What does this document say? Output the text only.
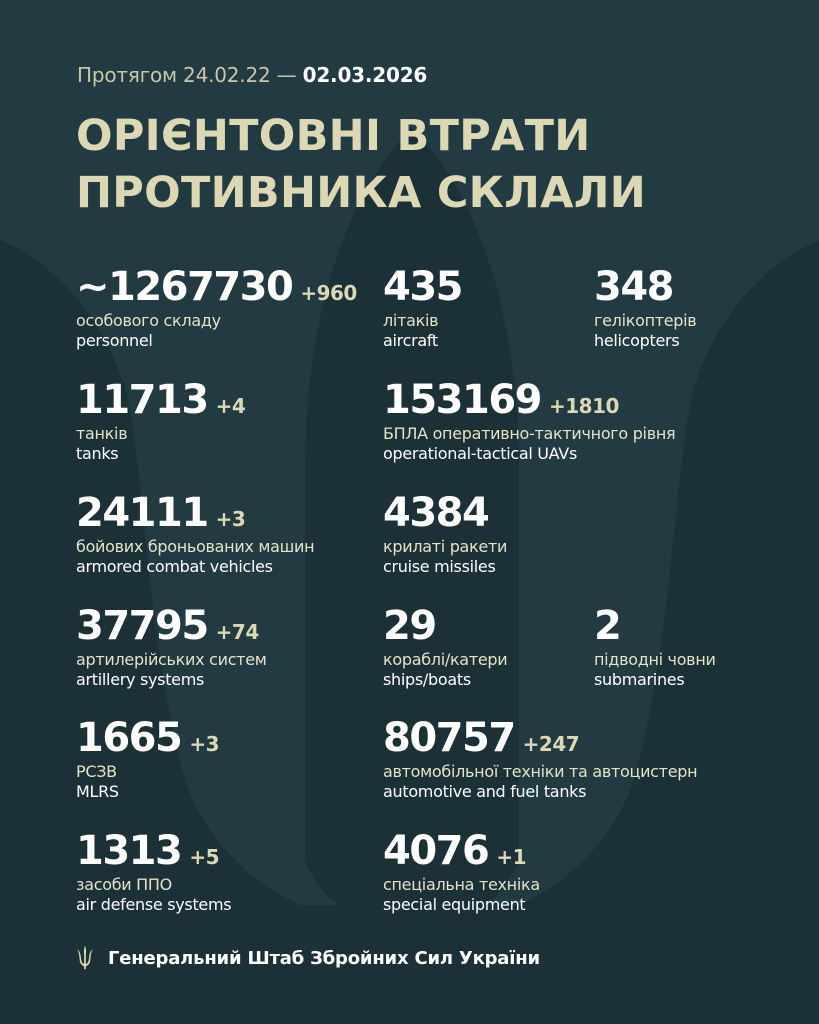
Протягом 24.02.22 — 02.03.2026
ОРІЄНТОВНІ ВТРАТИ
ПРОТИВНИКА СКЛАЛИ
~1267730 +960
особового складу
personnel
435
літаків
aircraft
348
гелікоптерів
helicopters
11713 +4
танків
tanks
153169 +1810
БПЛА оперативно-тактичного рівня
operational-tactical UAVs
24111 +3
бойових броньованих машин
armored combat vehicles
4384
крилаті ракети
cruise missiles
37795 +74
артилерійських систем
artillery systems
29
кораблі/катери
ships/boats
2
підводні човни
submarines
1665 +3
РСЗВ
MLRS
80757 +247
автомобільної техніки та автоцистерн
automotive and fuel tanks
1313 +5
засоби ППО
air defense systems
4076 +1
спеціальна техніка
special equipment
Генеральний Штаб Збройних Сил України
